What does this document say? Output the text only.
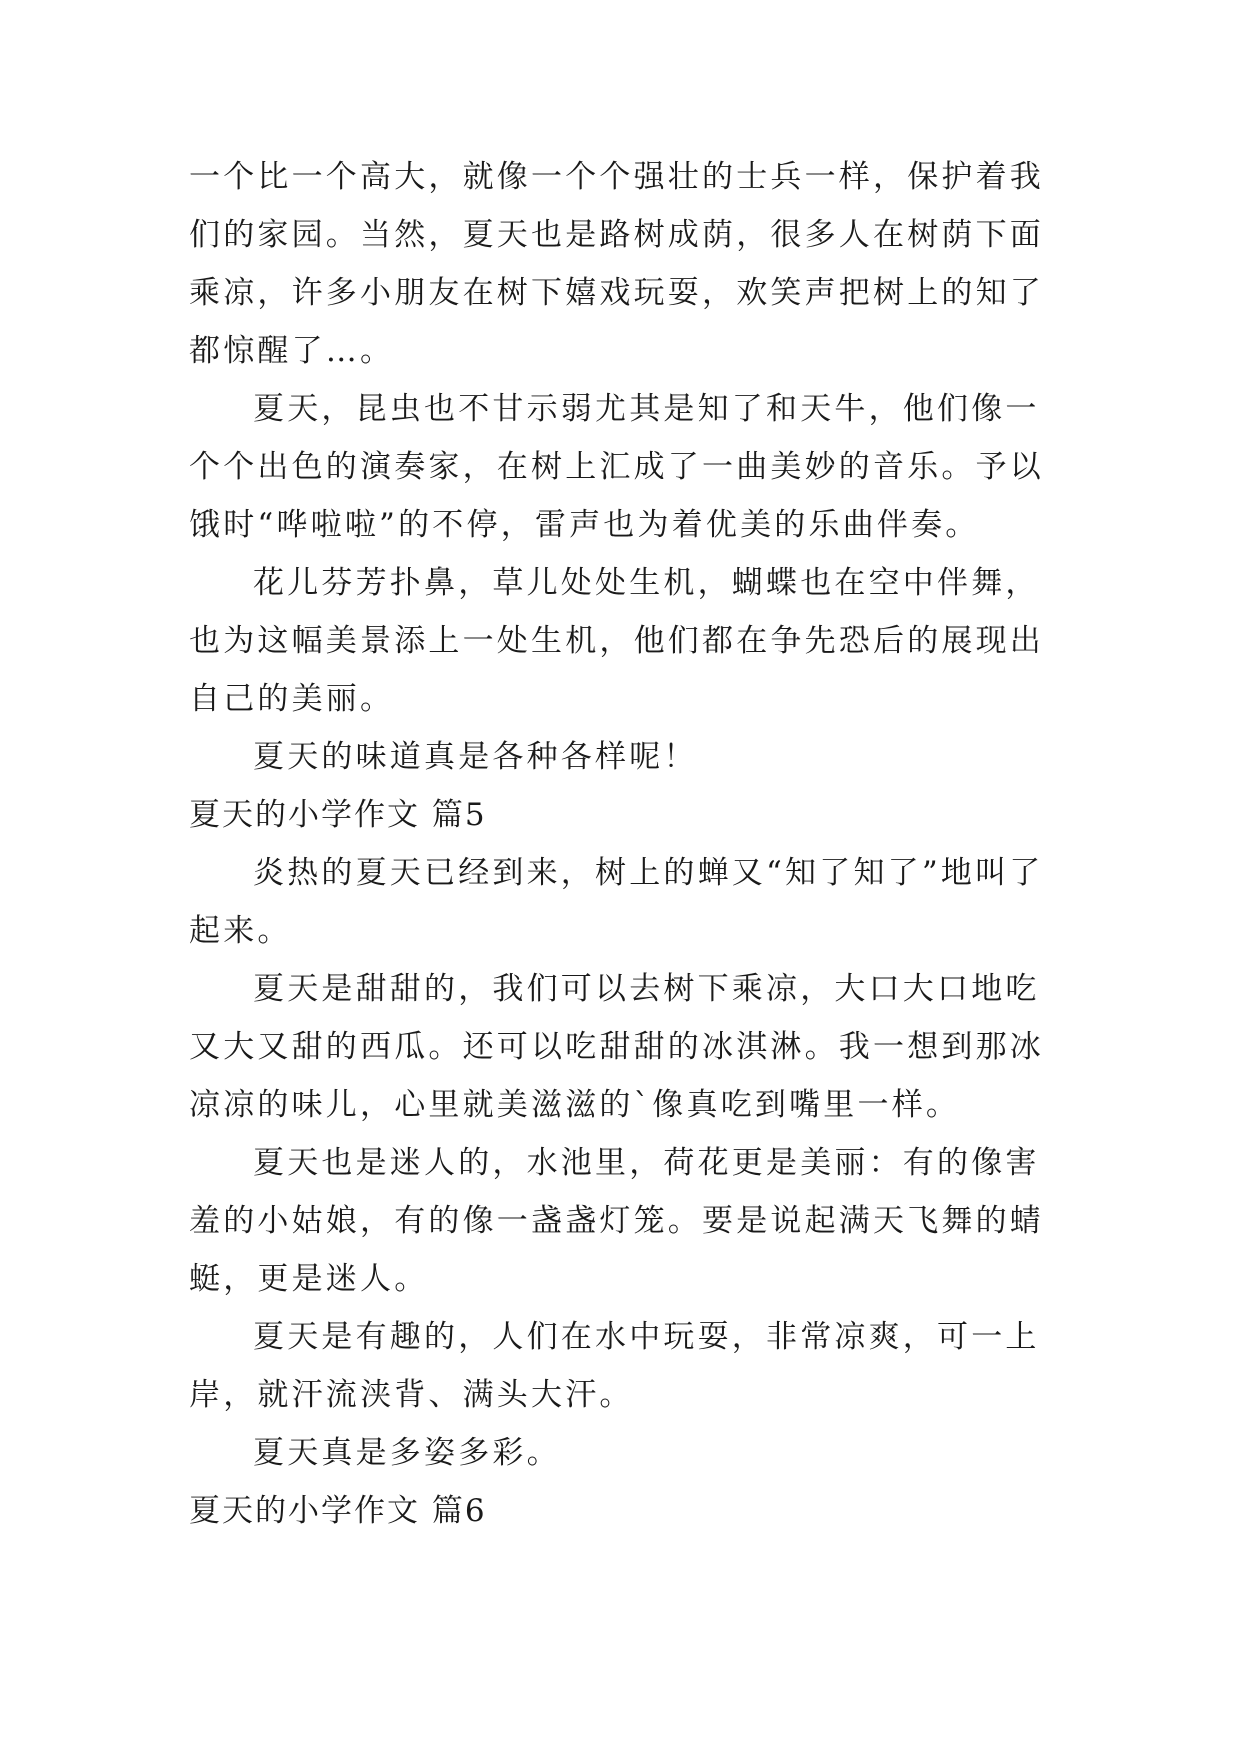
一个比一个高大，就像一个个强壮的士兵一样，保护着我们的家园。当然，夏天也是路树成荫，很多人在树荫下面乘凉，许多小朋友在树下嬉戏玩耍，欢笑声把树上的知了都惊醒了…。

夏天，昆虫也不甘示弱尤其是知了和天牛，他们像一个个出色的演奏家，在树上汇成了一曲美妙的音乐。予以饿时“哗啦啦”的不停，雷声也为着优美的乐曲伴奏。

花儿芬芳扑鼻，草儿处处生机，蝴蝶也在空中伴舞，也为这幅美景添上一处生机，他们都在争先恐后的展现出自己的美丽。

夏天的味道真是各种各样呢！

夏天的小学作文 篇5

炎热的夏天已经到来，树上的蝉又“知了知了”地叫了起来。

夏天是甜甜的，我们可以去树下乘凉，大口大口地吃又大又甜的西瓜。还可以吃甜甜的冰淇淋。我一想到那冰凉凉的味儿，心里就美滋滋的`像真吃到嘴里一样。

夏天也是迷人的，水池里，荷花更是美丽：有的像害羞的小姑娘，有的像一盏盏灯笼。要是说起满天飞舞的蜻蜓，更是迷人。

夏天是有趣的，人们在水中玩耍，非常凉爽，可一上岸，就汗流浃背、满头大汗。

夏天真是多姿多彩。

夏天的小学作文 篇6
